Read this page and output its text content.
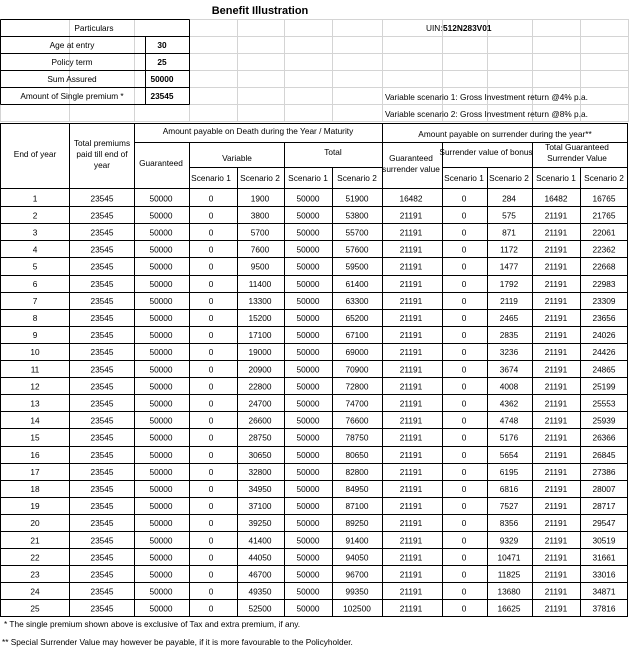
Benefit Illustration
UIN: 512N283V01
Particulars
Age at entry	30
Policy term	25
Sum Assured	50000
Amount of Single premium *	23545	Variable scenario 1: Gross Investment return @4% p.a.
Variable scenario 2: Gross Investment return @8% p.a.
End of year
Total premiums
paid till end of
year
Amount payable on Death during the Year / Maturity
Guaranteed	Variable
Total
Amount payable on surrender during the year**
Guaranteed
surrender value
Surrender value of bonus Total Guaranteed
Surrender Value
Scenario 1 Scenario 2 Scenario 1 Scenario 2	Scenario 1 Scenario 2 Scenario 1 Scenario 2
1	23545	50000	0	1900	50000	51900	16482	0	284	16482	16765
2	23545	50000	0	3800	50000	53800	21191	0	575	21191	21765
3	23545	50000	0	5700	50000	55700	21191	0	871	21191	22061
4	23545	50000	0	7600	50000	57600	21191	0	1172	21191	22362
5	23545	50000	0	9500	50000	59500	21191	0	1477	21191	22668
6	23545	50000	0	11400	50000	61400	21191	0	1792	21191	22983
7	23545	50000	0	13300	50000	63300	21191	0	2119	21191	23309
8	23545	50000	0	15200	50000	65200	21191	0	2465	21191	23656
9	23545	50000	0	17100	50000	67100	21191	0	2835	21191	24026
10	23545	50000	0	19000	50000	69000	21191	0	3236	21191	24426
11	23545	50000	0	20900	50000	70900	21191	0	3674	21191	24865
12	23545	50000	0	22800	50000	72800	21191	0	4008	21191	25199
13	23545	50000	0	24700	50000	74700	21191	0	4362	21191	25553
14	23545	50000	0	26600	50000	76600	21191	0	4748	21191	25939
15	23545	50000	0	28750	50000	78750	21191	0	5176	21191	26366
16	23545	50000	0	30650	50000	80650	21191	0	5654	21191	26845
17	23545	50000	0	32800	50000	82800	21191	0	6195	21191	27386
18	23545	50000	0	34950	50000	84950	21191	0	6816	21191	28007
19	23545	50000	0	37100	50000	87100	21191	0	7527	21191	28717
20	23545	50000	0	39250	50000	89250	21191	0	8356	21191	29547
21	23545	50000	0	41400	50000	91400	21191	0	9329	21191	30519
22	23545	50000	0	44050	50000	94050	21191	0	10471	21191	31661
23	23545	50000	0	46700	50000	96700	21191	0	11825	21191	33016
24	23545	50000	0	49350	50000	99350	21191	0	13680	21191	34871
25	23545	50000	0	52500	50000	102500	21191	0	16625	21191	37816
* The single premium shown above is exclusive of Tax and extra premium, if any.
** Special Surrender Value may however be payable, if it is more favourable to the Policyholder.
